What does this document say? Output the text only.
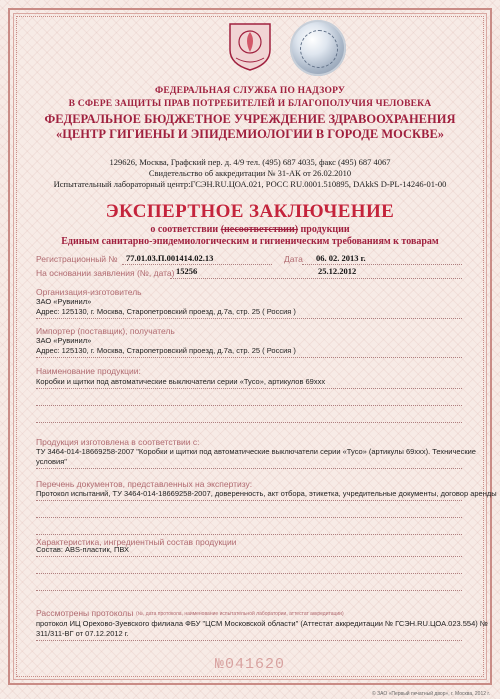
ФЕДЕРАЛЬНАЯ СЛУЖБА ПО НАДЗОРУ
В СФЕРЕ ЗАЩИТЫ ПРАВ ПОТРЕБИТЕЛЕЙ И БЛАГОПОЛУЧИЯ ЧЕЛОВЕКА
ФЕДЕРАЛЬНОЕ БЮДЖЕТНОЕ УЧРЕЖДЕНИЕ ЗДРАВООХРАНЕНИЯ
«ЦЕНТР ГИГИЕНЫ И ЭПИДЕМИОЛОГИИ В ГОРОДЕ МОСКВЕ»
129626, Москва, Графский пер. д. 4/9 тел. (495) 687 4035, факс (495) 687 4067
Свидетельство об аккредитации № 31-АК от 26.02.2010
Испытательный лабораторный центр:ГСЭН.RU.ЦОА.021, РОСС RU.0001.510895, DAkkS D-PL-14246-01-00
ЭКСПЕРТНОЕ ЗАКЛЮЧЕНИЕ
о соответствии (несоответствии) продукции
Единым санитарно-эпидемиологическим и гигиеническим требованиям к товарам
Регистрационный № 77.01.03.П.001414.02.13	Дата 06. 02. 2013 г.
На основании заявления (№, дата) 15256	25.12.2012
Организация-изготовитель
ЗАО «Рувинил»
Адрес: 125130, г. Москва, Старопетровский проезд, д.7а, стр. 25 ( Россия )
Импортер (поставщик), получатель
ЗАО «Рувинил»
Адрес: 125130, г. Москва, Старопетровский проезд, д.7а, стр. 25 ( Россия )
Наименование продукции:
Коробки и щитки под автоматические выключатели серии «Tyco», артикулов 69ххх
Продукция изготовлена в соответствии с:
ТУ 3464-014-18669258-2007 "Коробки и щитки под автоматические выключатели серии «Tyco» (артикулы 69ххх). Технические
условия"
Перечень документов, представленных на экспертизу:
Протокол испытаний, ТУ 3464-014-18669258-2007, доверенность, акт отбора, этикетка, учредительные документы, договор аренды
Характеристика, ингредиентный состав продукции
Состав: АВS-пластик, ПВХ
Рассмотрены протоколы (№, дата протокола, наименование испытательной лаборатории, аттестат аккредитации)
протокол ИЦ Орехово-Зуевского филиала ФБУ "ЦСМ Московской области" (Аттестат аккредитации № ГСЭН.RU.ЦОА.023.554) №
311/311-ВГ от 07.12.2012 г.
№041620
© ЗАО «Первый печатный двор», г. Москва, 2012 г.
